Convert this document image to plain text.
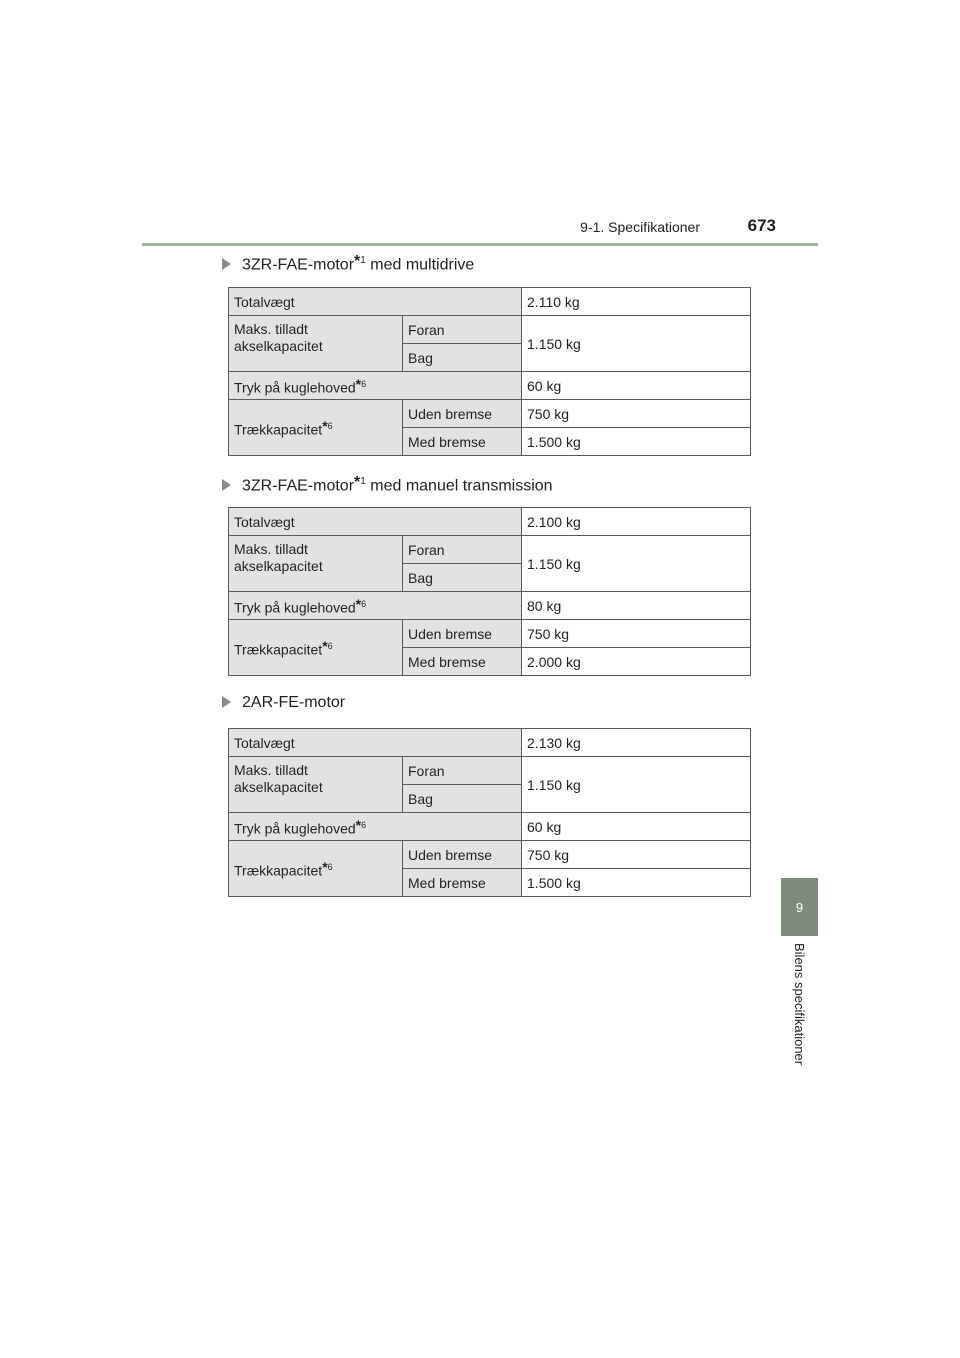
9-1. Specifikationer	673
9
Bilens specifikationer
3ZR-FAE-motor$^{*1}$ med multidrive
Totalvægt		2.110 kg
Maks. tilladt akselkapacitet	Foran	1.150 kg
	Bag	
Tryk på kuglehoved$^{*6}$		60 kg
Trækkapacitet$^{*6}$	Uden bremse	750 kg
	Med bremse	1.500 kg
3ZR-FAE-motor$^{*1}$ med manuel transmission
Totalvægt		2.100 kg
Maks. tilladt akselkapacitet	Foran	1.150 kg
	Bag	
Tryk på kuglehoved$^{*6}$		80 kg
Trækkapacitet$^{*6}$	Uden bremse	750 kg
	Med bremse	2.000 kg
2AR-FE-motor
Totalvægt		2.130 kg
Maks. tilladt akselkapacitet	Foran	1.150 kg
	Bag	
Tryk på kuglehoved$^{*6}$		60 kg
Trækkapacitet$^{*6}$	Uden bremse	750 kg
	Med bremse	1.500 kg
